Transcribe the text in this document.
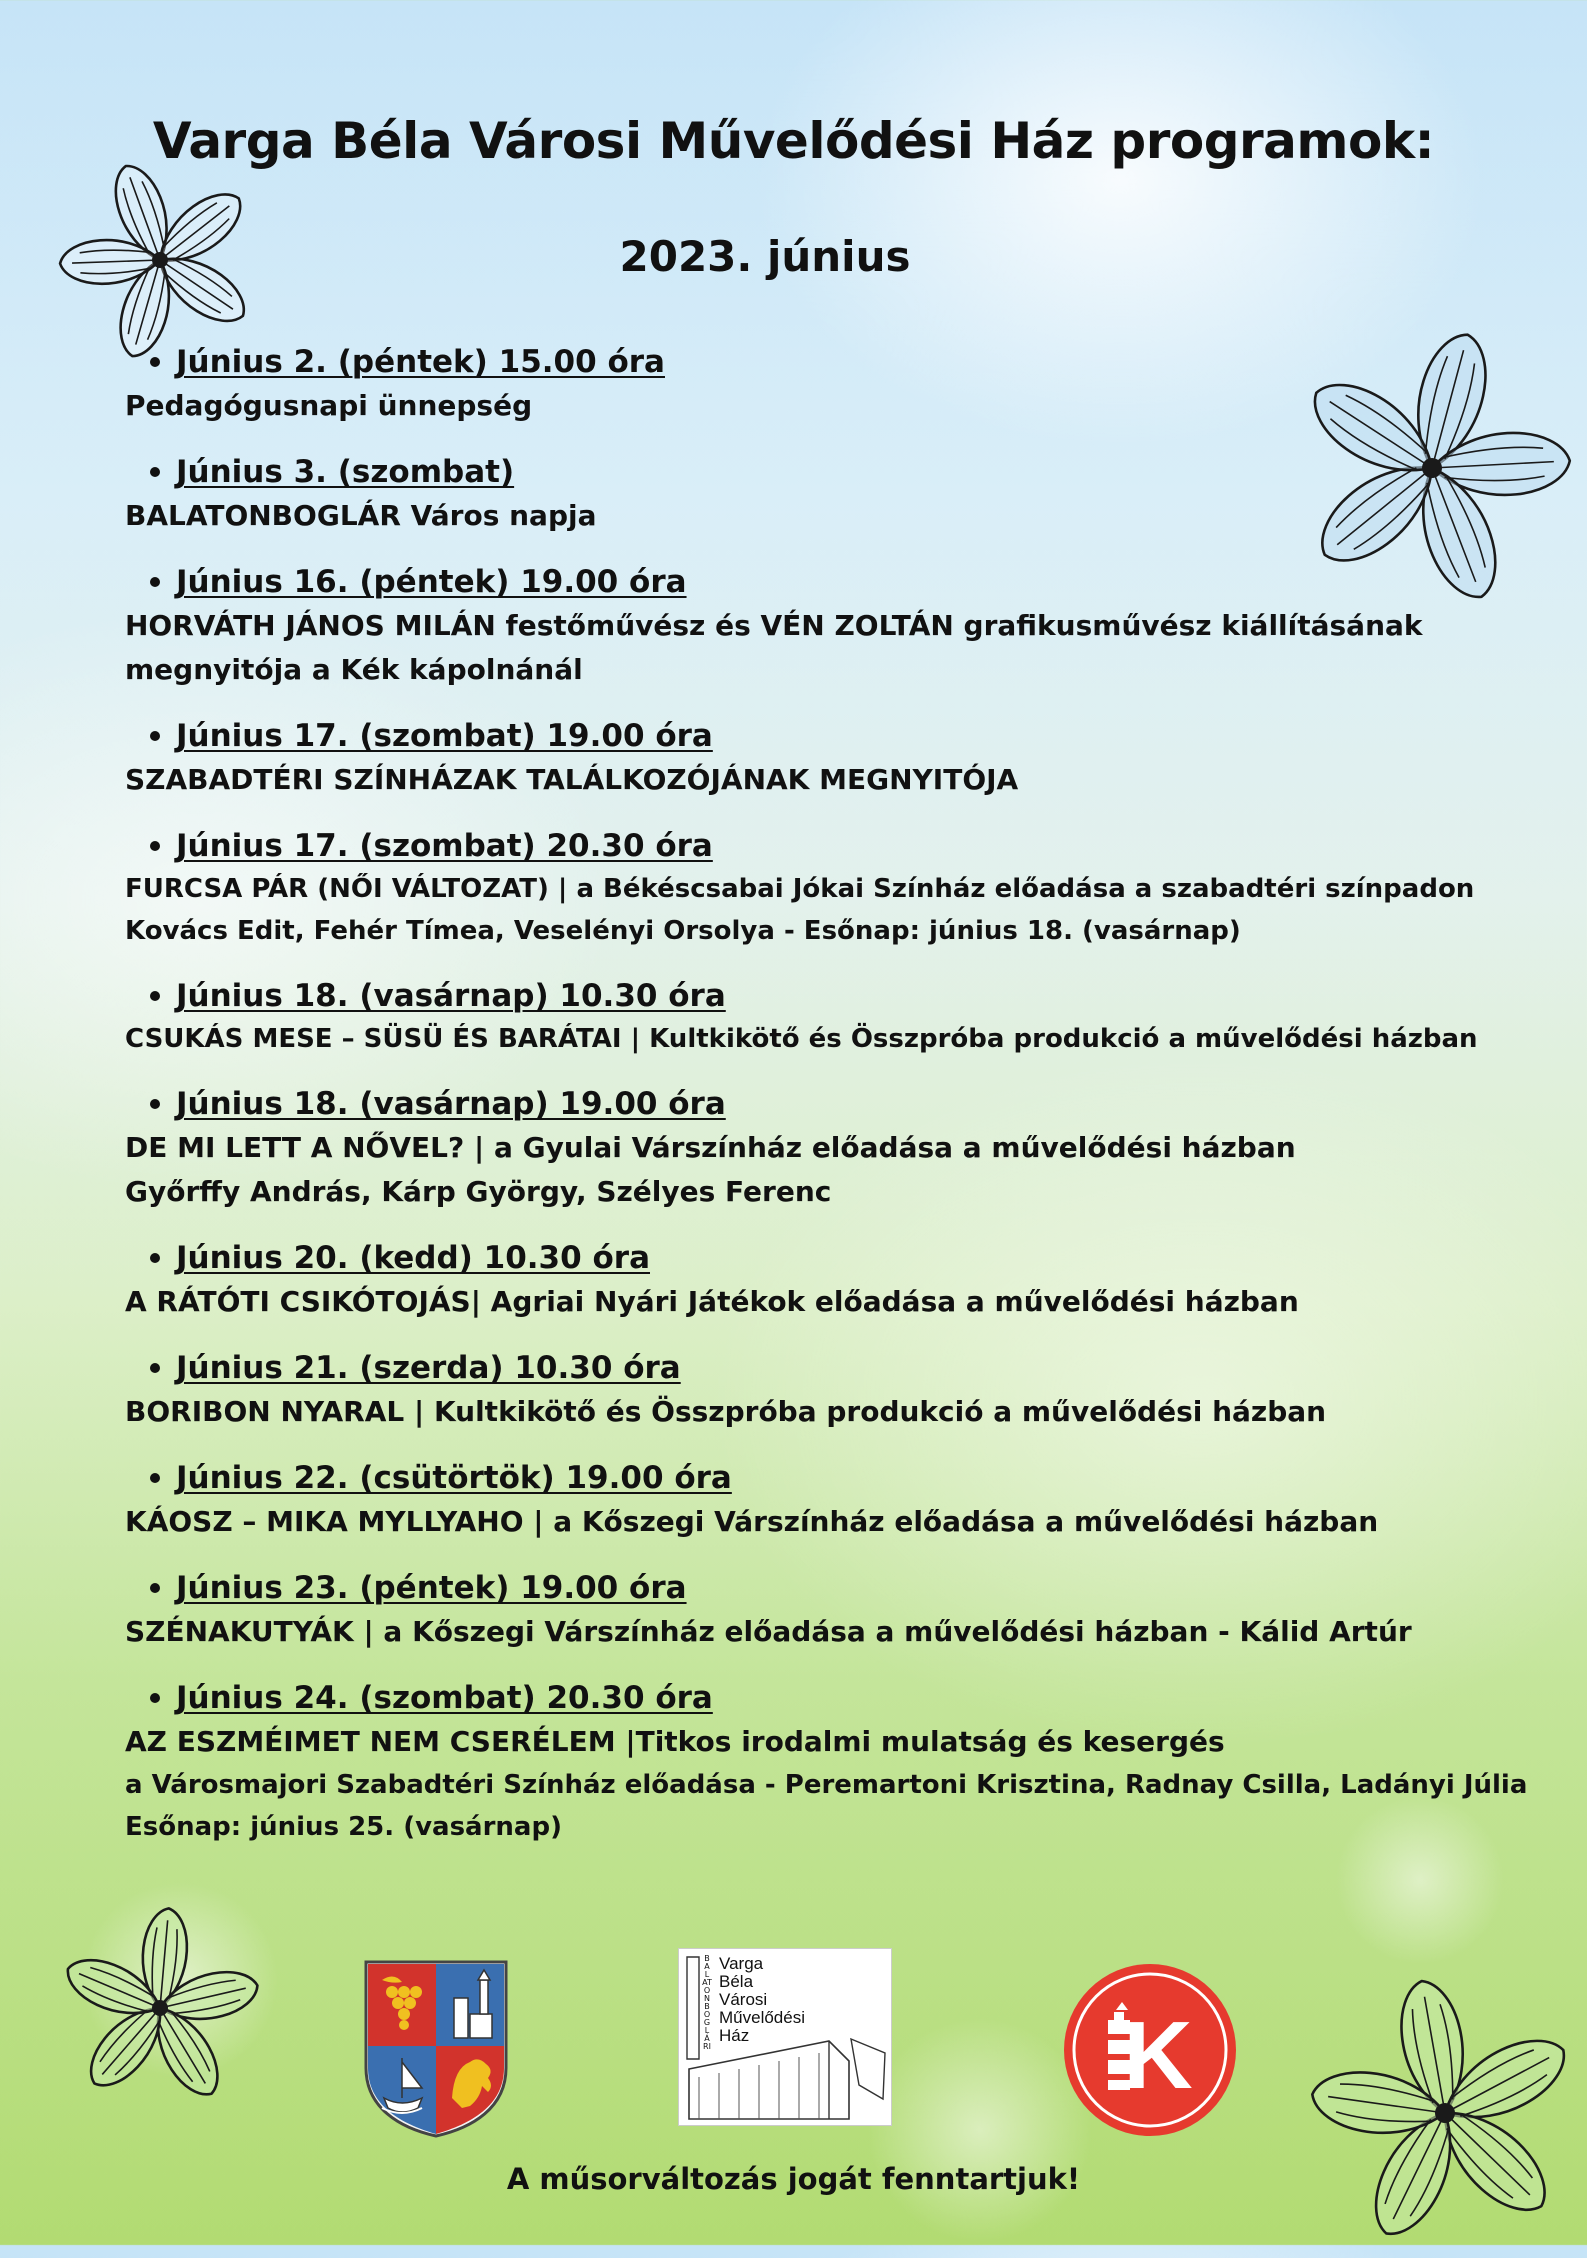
Varga Béla Városi Művelődési Ház programok:
2023. június
Június 2. (péntek) 15.00 óra
Pedagógusnapi ünnepség
Június 3. (szombat)
BALATONBOGLÁR Város napja
Június 16. (péntek) 19.00 óra
HORVÁTH JÁNOS MILÁN festőművész és VÉN ZOLTÁN grafikusművész kiállításának
megnyitója a Kék kápolnánál
Június 17. (szombat) 19.00 óra
SZABADTÉRI SZÍNHÁZAK TALÁLKOZÓJÁNAK MEGNYITÓJA
Június 17. (szombat) 20.30 óra
FURCSA PÁR (NŐI VÁLTOZAT) | a Békéscsabai Jókai Színház előadása a szabadtéri színpadon
Kovács Edit, Fehér Tímea, Veselényi Orsolya - Esőnap: június 18. (vasárnap)
Június 18. (vasárnap) 10.30 óra
CSUKÁS MESE – SÜSÜ ÉS BARÁTAI | Kultkikötő és Összpróba produkció a művelődési házban
Június 18. (vasárnap) 19.00 óra
DE MI LETT A NŐVEL? | a Gyulai Várszínház előadása a művelődési házban
Győrffy András, Kárp György, Szélyes Ferenc
Június 20. (kedd) 10.30 óra
A RÁTÓTI CSIKÓTOJÁS| Agriai Nyári Játékok előadása a művelődési házban
Június 21. (szerda) 10.30 óra
BORIBON NYARAL | Kultkikötő és Összpróba produkció a művelődési házban
Június 22. (csütörtök) 19.00 óra
KÁOSZ – MIKA MYLLYAHO | a Kőszegi Várszínház előadása a művelődési házban
Június 23. (péntek) 19.00 óra
SZÉNAKUTYÁK | a Kőszegi Várszínház előadása a művelődési házban - Kálid Artúr
Június 24. (szombat) 20.30 óra
AZ ESZMÉIMET NEM CSERÉLEM |Titkos irodalmi mulatság és kesergés
a Városmajori Szabadtéri Színház előadása - Peremartoni Krisztina, Radnay Csilla, Ladányi Júlia
Esőnap: június 25. (vasárnap)
BALATONBOGLÁRI
Varga
Béla
Városi
Művelődési
Ház	K
A műsorváltozás jogát fenntartjuk!
